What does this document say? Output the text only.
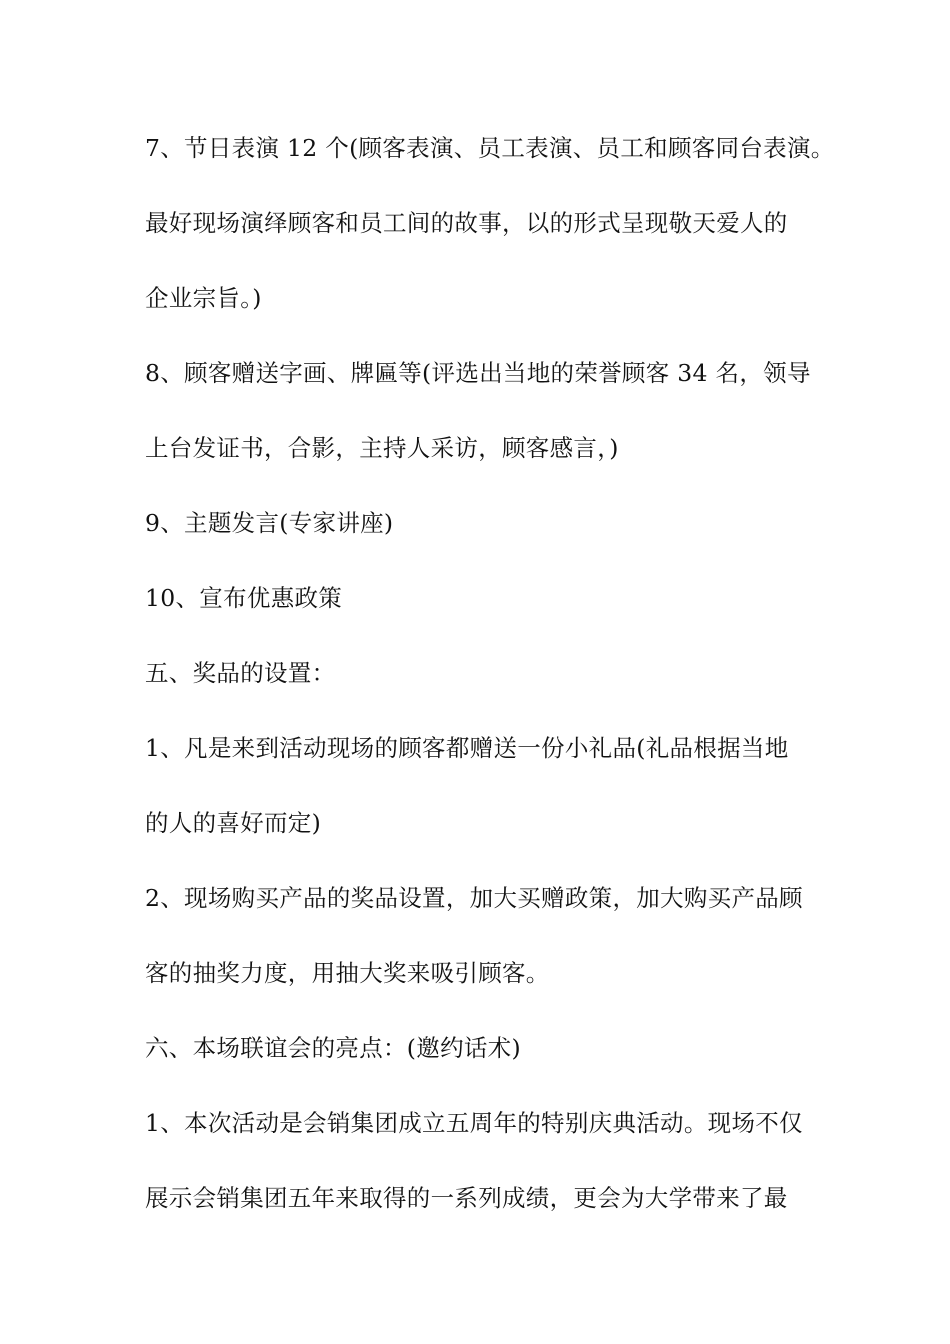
7、节日表演 12 个(顾客表演、员工表演、员工和顾客同台表演。
最好现场演绎顾客和员工间的故事，以的形式呈现敬天爱人的
企业宗旨。)
8、顾客赠送字画、牌匾等(评选出当地的荣誉顾客 34 名，领导
上台发证书，合影，主持人采访，顾客感言，)
9、主题发言(专家讲座)
10、宣布优惠政策
五、奖品的设置：
1、凡是来到活动现场的顾客都赠送一份小礼品(礼品根据当地
的人的喜好而定)
2、现场购买产品的奖品设置，加大买赠政策，加大购买产品顾
客的抽奖力度，用抽大奖来吸引顾客。
六、本场联谊会的亮点：(邀约话术)
1、本次活动是会销集团成立五周年的特别庆典活动。现场不仅
展示会销集团五年来取得的一系列成绩，更会为大学带来了最
